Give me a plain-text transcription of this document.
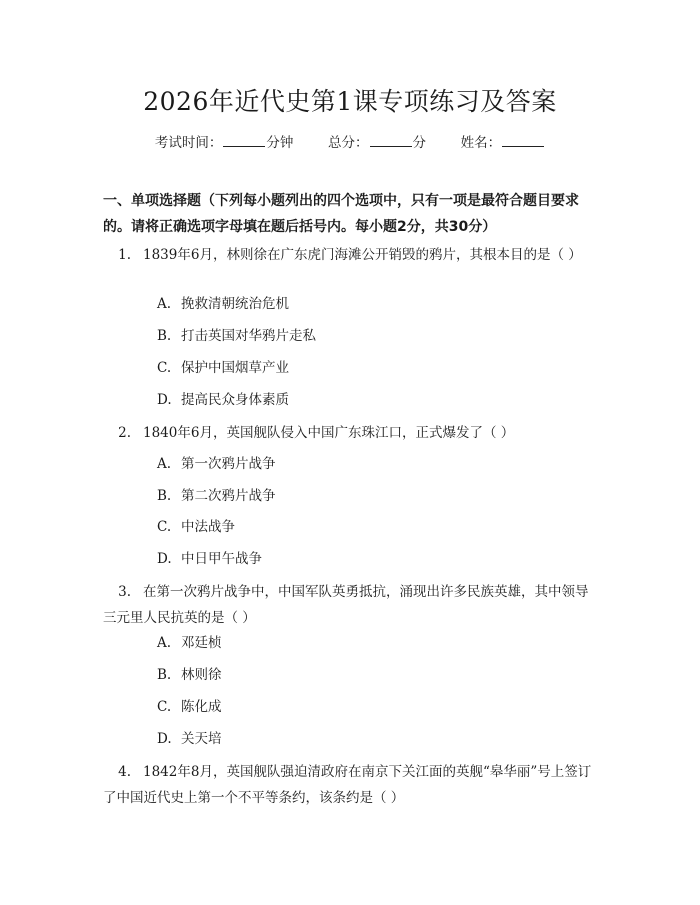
2026年近代史第1课专项练习及答案
考试时间：	分钟	总分：	分	姓名：
一、单项选择题（下列每小题列出的四个选项中，只有一项是最符合题目要求的。请将正确选项字母填在题后括号内。每小题2分，共30分）
1. 1839年6月，林则徐在广东虎门海滩公开销毁的鸦片，其根本目的是（ ）
A. 挽救清朝统治危机
B. 打击英国对华鸦片走私
C. 保护中国烟草产业
D. 提高民众身体素质
2. 1840年6月，英国舰队侵入中国广东珠江口，正式爆发了（ ）
A. 第一次鸦片战争
B. 第二次鸦片战争
C. 中法战争
D. 中日甲午战争
3. 在第一次鸦片战争中，中国军队英勇抵抗，涌现出许多民族英雄，其中领导三元里人民抗英的是（ ）
A. 邓廷桢
B. 林则徐
C. 陈化成
D. 关天培
4. 1842年8月，英国舰队强迫清政府在南京下关江面的英舰“皋华丽”号上签订了中国近代史上第一个不平等条约，该条约是（ ）
